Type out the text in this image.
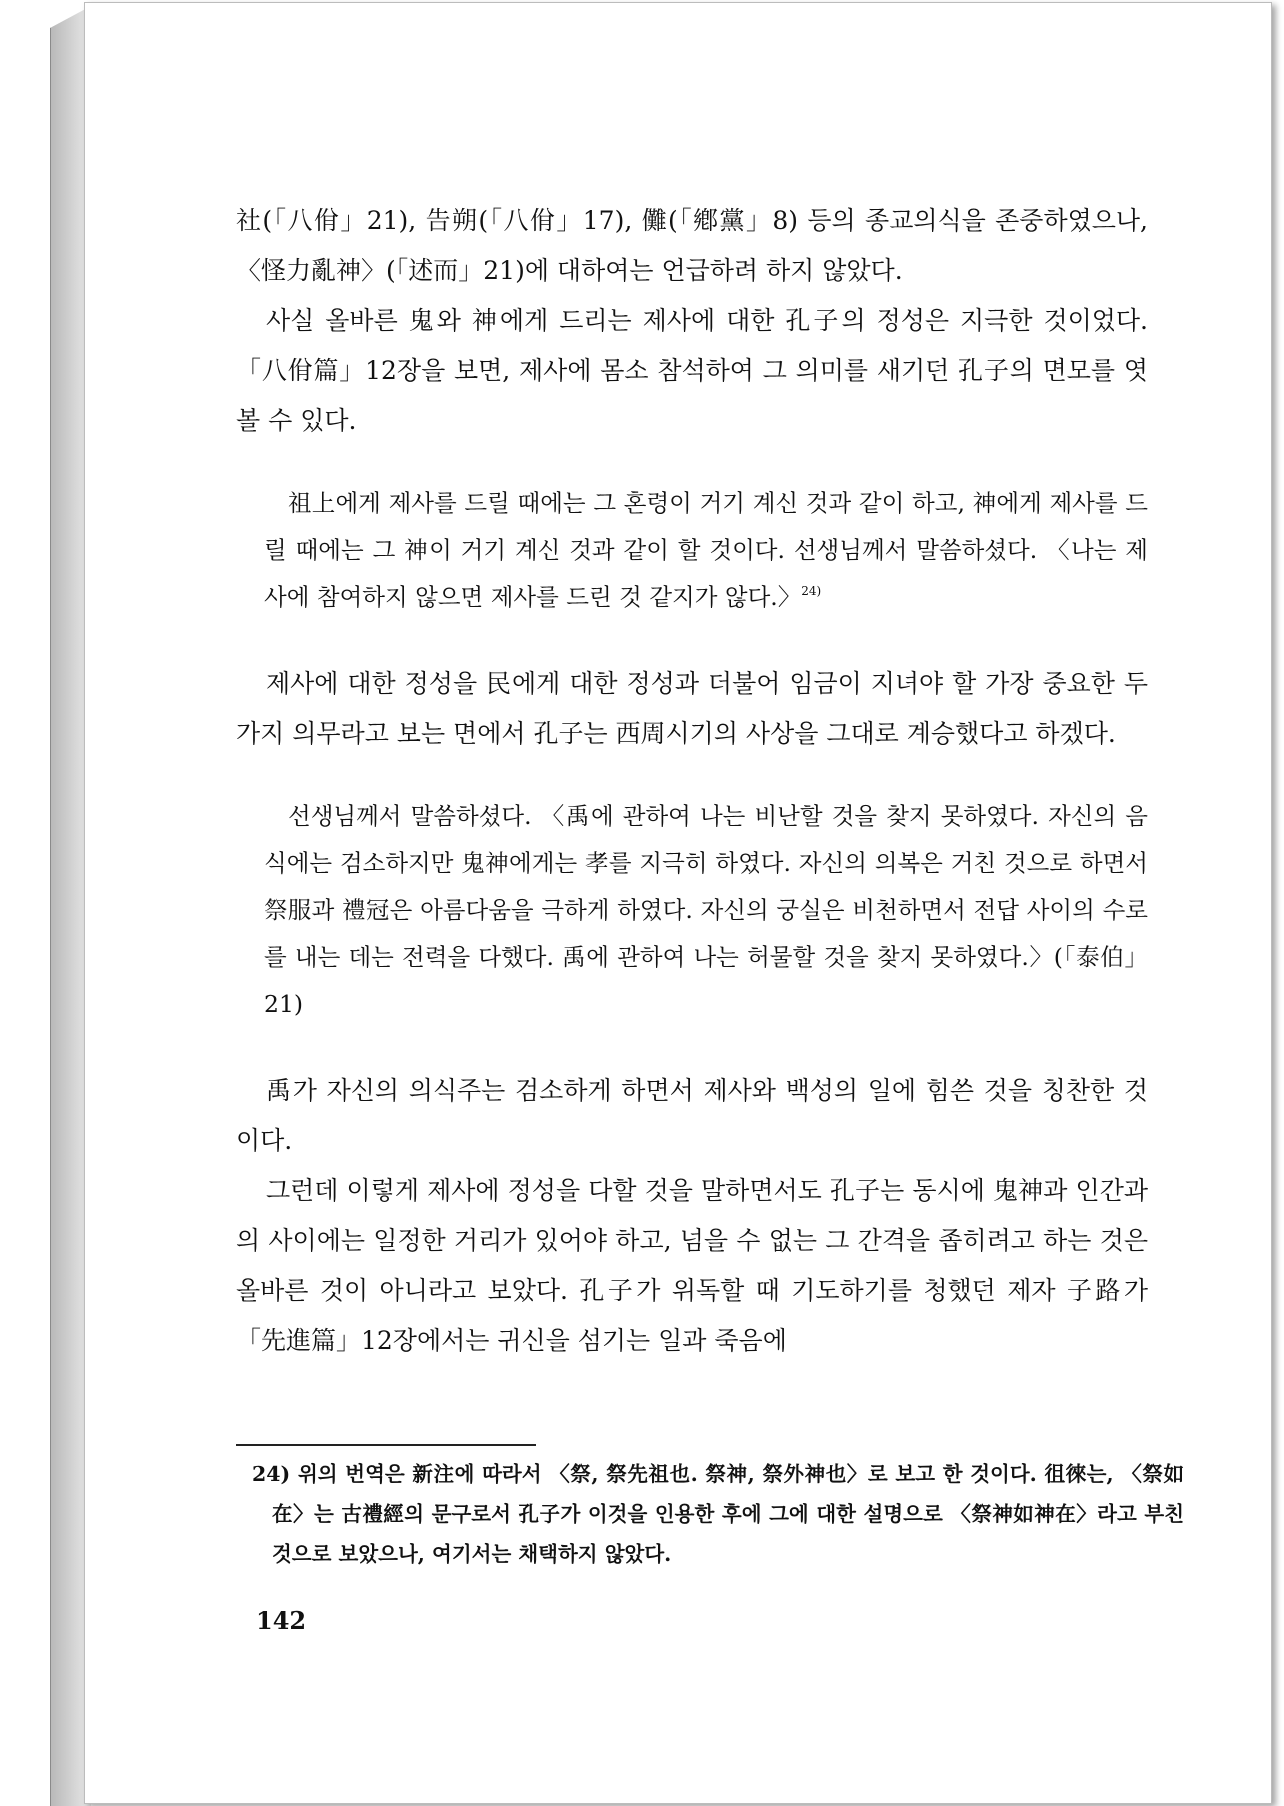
社(「八佾」21), 告朔(「八佾」17), 儺(「鄕黨」8) 등의 종교의식을 존중하였으나, 〈怪力亂神〉(「述而」21)에 대하여는 언급하려 하지 않았다.

사실 올바른 鬼와 神에게 드리는 제사에 대한 孔子의 정성은 지극한 것이었다.「八佾篇」12장을 보면, 제사에 몸소 참석하여 그 의미를 새기던 孔子의 면모를 엿볼 수 있다.

祖上에게 제사를 드릴 때에는 그 혼령이 거기 계신 것과 같이 하고, 神에게 제사를 드릴 때에는 그 神이 거기 계신 것과 같이 할 것이다. 선생님께서 말씀하셨다. 〈나는 제사에 참여하지 않으면 제사를 드린 것 같지가 않다.〉$^{24)}$

제사에 대한 정성을 民에게 대한 정성과 더불어 임금이 지녀야 할 가장 중요한 두 가지 의무라고 보는 면에서 孔子는 西周시기의 사상을 그대로 계승했다고 하겠다.

선생님께서 말씀하셨다. 〈禹에 관하여 나는 비난할 것을 찾지 못하였다. 자신의 음식에는 검소하지만 鬼神에게는 孝를 지극히 하였다. 자신의 의복은 거친 것으로 하면서 祭服과 禮冠은 아름다움을 극하게 하였다. 자신의 궁실은 비천하면서 전답 사이의 수로를 내는 데는 전력을 다했다. 禹에 관하여 나는 허물할 것을 찾지 못하였다.〉(「泰伯」21)

禹가 자신의 의식주는 검소하게 하면서 제사와 백성의 일에 힘쓴 것을 칭찬한 것이다.

그런데 이렇게 제사에 정성을 다할 것을 말하면서도 孔子는 동시에 鬼神과 인간과의 사이에는 일정한 거리가 있어야 하고, 넘을 수 없는 그 간격을 좁히려고 하는 것은 올바른 것이 아니라고 보았다. 孔子가 위독할 때 기도하기를 청했던 제자 子路가「先進篇」12장에서는 귀신을 섬기는 일과 죽음에

24) 위의 번역은 新注에 따라서 〈祭, 祭先祖也. 祭神, 祭外神也〉로 보고 한 것이다. 徂徠는, 〈祭如在〉는 古禮經의 문구로서 孔子가 이것을 인용한 후에 그에 대한 설명으로 〈祭神如神在〉라고 부친 것으로 보았으나, 여기서는 채택하지 않았다.

142
